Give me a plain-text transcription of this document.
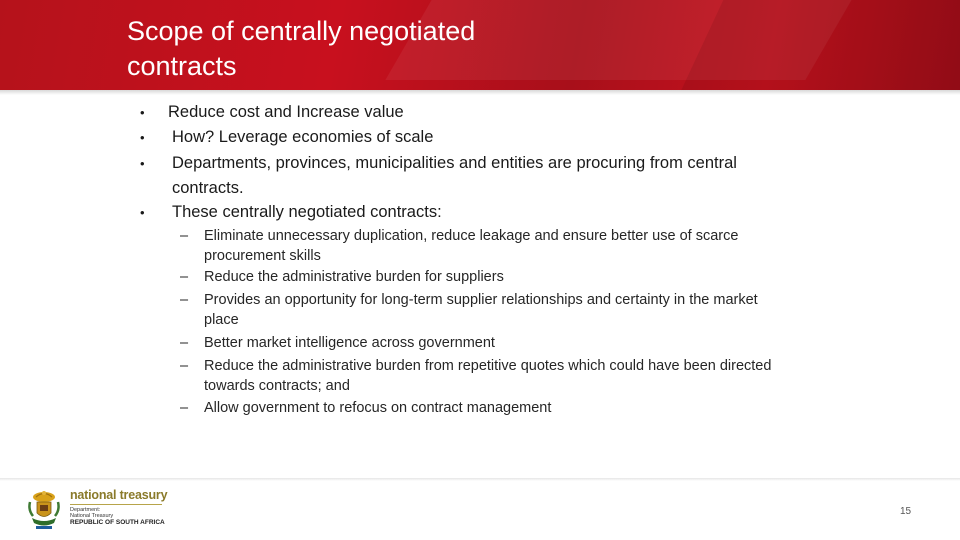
Scope of centrally negotiated
contracts
•	Reduce cost and Increase value
•	How? Leverage economies of scale
•	Departments, provinces, municipalities and entities are procuring from central contracts.
•	These centrally negotiated contracts:
– Eliminate unnecessary duplication, reduce leakage and ensure better use of scarce procurement skills
– Reduce the administrative burden for suppliers
– Provides an opportunity for long-term supplier relationships and certainty in the market place
– Better market intelligence across government
– Reduce the administrative burden from repetitive quotes which could have been directed towards contracts; and
– Allow government to refocus on contract management
national treasury
Department:
National Treasury
REPUBLIC OF SOUTH AFRICA
15
